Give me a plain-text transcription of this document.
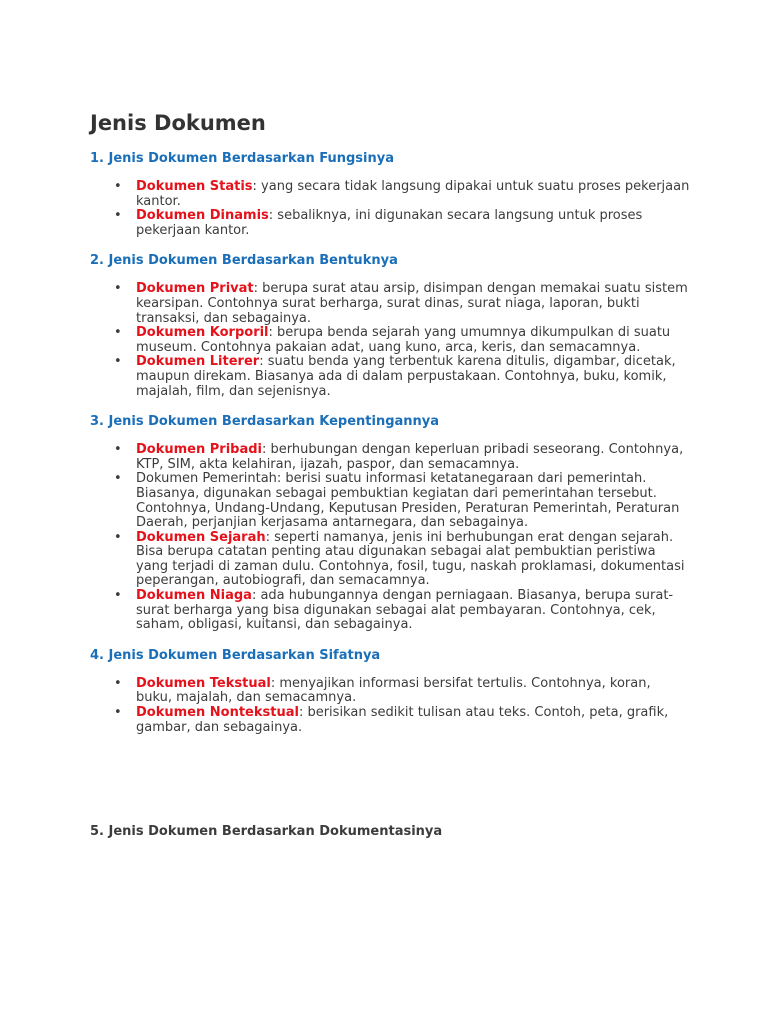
Jenis Dokumen
1. Jenis Dokumen Berdasarkan Fungsinya
• Dokumen Statis: yang secara tidak langsung dipakai untuk suatu proses pekerjaan kantor.
• Dokumen Dinamis: sebaliknya, ini digunakan secara langsung untuk proses pekerjaan kantor.
2. Jenis Dokumen Berdasarkan Bentuknya
• Dokumen Privat: berupa surat atau arsip, disimpan dengan memakai suatu sistem kearsipan. Contohnya surat berharga, surat dinas, surat niaga, laporan, bukti transaksi, dan sebagainya.
• Dokumen Korporil: berupa benda sejarah yang umumnya dikumpulkan di suatu museum. Contohnya pakaian adat, uang kuno, arca, keris, dan semacamnya.
• Dokumen Literer: suatu benda yang terbentuk karena ditulis, digambar, dicetak, maupun direkam. Biasanya ada di dalam perpustakaan. Contohnya, buku, komik, majalah, film, dan sejenisnya.
3. Jenis Dokumen Berdasarkan Kepentingannya
• Dokumen Pribadi: berhubungan dengan keperluan pribadi seseorang. Contohnya, KTP, SIM, akta kelahiran, ijazah, paspor, dan semacamnya.
• Dokumen Pemerintah: berisi suatu informasi ketatanegaraan dari pemerintah. Biasanya, digunakan sebagai pembuktian kegiatan dari pemerintahan tersebut. Contohnya, Undang-Undang, Keputusan Presiden, Peraturan Pemerintah, Peraturan Daerah, perjanjian kerjasama antarnegara, dan sebagainya.
• Dokumen Sejarah: seperti namanya, jenis ini berhubungan erat dengan sejarah. Bisa berupa catatan penting atau digunakan sebagai alat pembuktian peristiwa yang terjadi di zaman dulu. Contohnya, fosil, tugu, naskah proklamasi, dokumentasi peperangan, autobiografi, dan semacamnya.
• Dokumen Niaga: ada hubungannya dengan perniagaan. Biasanya, berupa surat-surat berharga yang bisa digunakan sebagai alat pembayaran. Contohnya, cek, saham, obligasi, kuitansi, dan sebagainya.
4. Jenis Dokumen Berdasarkan Sifatnya
• Dokumen Tekstual: menyajikan informasi bersifat tertulis. Contohnya, koran, buku, majalah, dan semacamnya.
• Dokumen Nontekstual: berisikan sedikit tulisan atau teks. Contoh, peta, grafik, gambar, dan sebagainya.
5. Jenis Dokumen Berdasarkan Dokumentasinya
